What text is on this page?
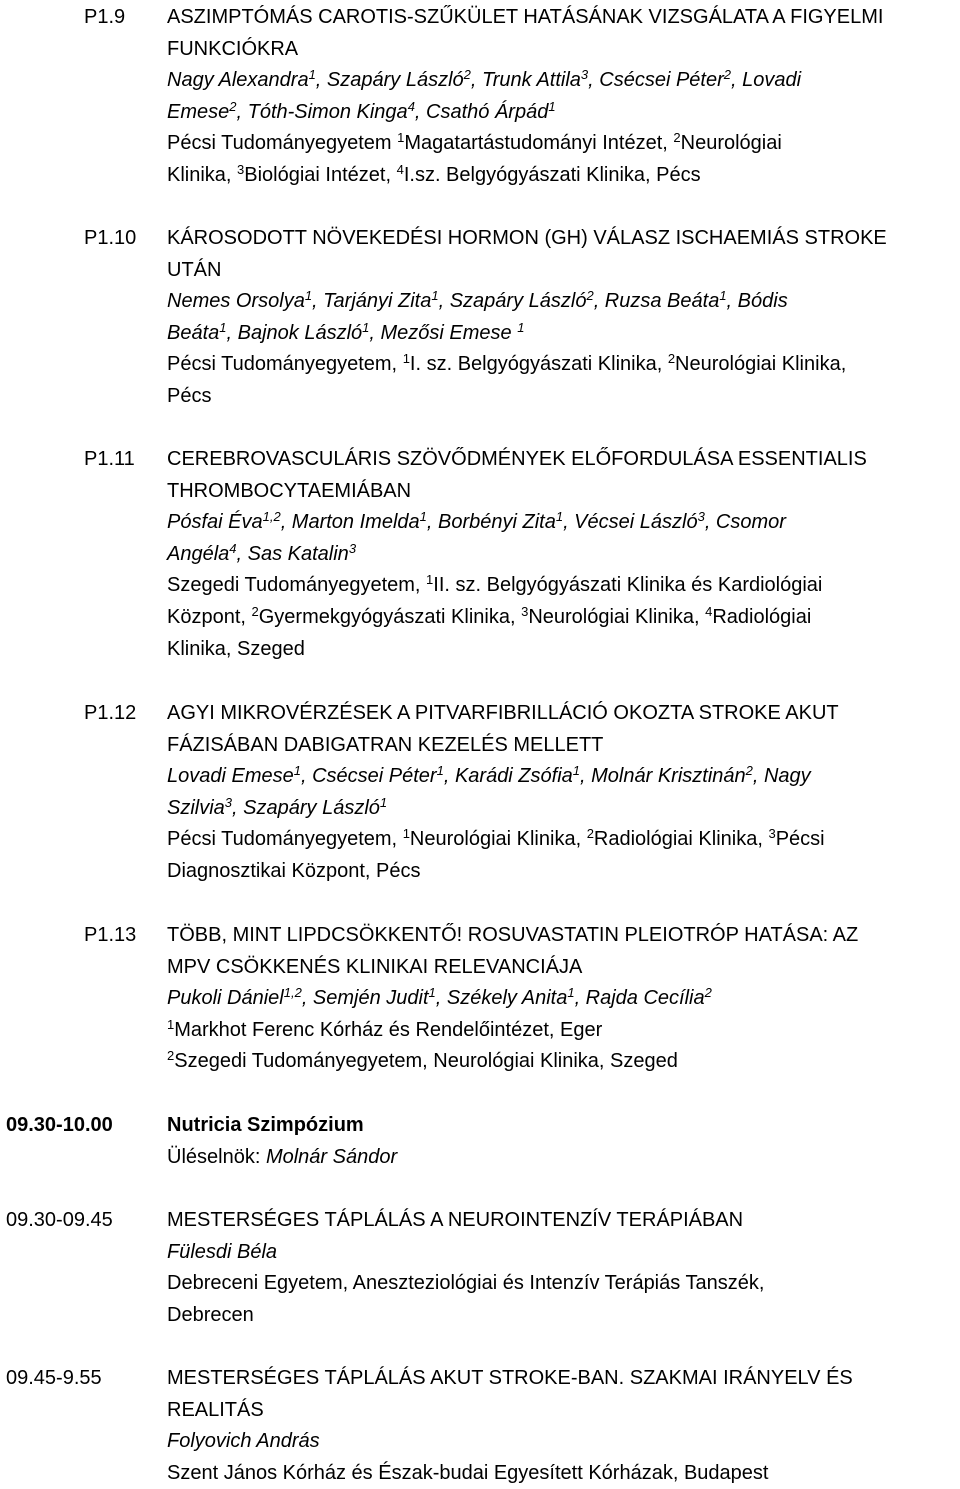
P1.9 ASZIMPTÓMÁS CAROTIS-SZŰKÜLET HATÁSÁNAK VIZSGÁLATA A FIGYELMI
FUNKCIÓKRA
Nagy Alexandra$^1$, Szapáry László$^2$, Trunk Attila$^3$, Csécsei Péter$^2$, Lovadi
Emese$^2$, Tóth-Simon Kinga$^4$, Csathó Árpád$^1$
Pécsi Tudományegyetem $^1$Magatartástudományi Intézet, $^2$Neurológiai
Klinika, $^3$Biológiai Intézet, $^4$I.sz. Belgyógyászati Klinika, Pécs
P1.10 KÁROSODOTT NÖVEKEDÉSI HORMON (GH) VÁLASZ ISCHAEMIÁS STROKE
UTÁN
Nemes Orsolya$^1$, Tarjányi Zita$^1$, Szapáry László$^2$, Ruzsa Beáta$^1$, Bódis
Beáta$^1$, Bajnok László$^1$, Mezősi Emese $^1$
Pécsi Tudományegyetem, $^1$I. sz. Belgyógyászati Klinika, $^2$Neurológiai Klinika,
Pécs
P1.11 CEREBROVASCULÁRIS SZÖVŐDMÉNYEK ELŐFORDULÁSA ESSENTIALIS
THROMBOCYTAEMIÁBAN
Pósfai Éva$^{1,2}$, Marton Imelda$^1$, Borbényi Zita$^1$, Vécsei László$^3$, Csomor
Angéla$^4$, Sas Katalin$^3$
Szegedi Tudományegyetem, $^1$II. sz. Belgyógyászati Klinika és Kardiológiai
Központ, $^2$Gyermekgyógyászati Klinika, $^3$Neurológiai Klinika, $^4$Radiológiai
Klinika, Szeged
P1.12 AGYI MIKROVÉRZÉSEK A PITVARFIBRILLÁCIÓ OKOZTA STROKE AKUT
FÁZISÁBAN DABIGATRAN KEZELÉS MELLETT
Lovadi Emese$^1$, Csécsei Péter$^1$, Karádi Zsófia$^1$, Molnár Krisztinán$^2$, Nagy
Szilvia$^3$, Szapáry László$^1$
Pécsi Tudományegyetem, $^1$Neurológiai Klinika, $^2$Radiológiai Klinika, $^3$Pécsi
Diagnosztikai Központ, Pécs
P1.13 TÖBB, MINT LIPDCSÖKKENTŐ! ROSUVASTATIN PLEIOTRÓP HATÁSA: AZ
MPV CSÖKKENÉS KLINIKAI RELEVANCIÁJA
Pukoli Dániel$^{1,2}$, Semjén Judit$^1$, Székely Anita$^1$, Rajda Cecília$^2$
$^1$Markhot Ferenc Kórház és Rendelőintézet, Eger
$^2$Szegedi Tudományegyetem, Neurológiai Klinika, Szeged
09.30-10.00	Nutricia Szimpózium
Üléselnök: Molnár Sándor
09.30-09.45	MESTERSÉGES TÁPLÁLÁS A NEUROINTENZÍV TERÁPIÁBAN
Fülesdi Béla
Debreceni Egyetem, Aneszteziológiai és Intenzív Terápiás Tanszék,
Debrecen
09.45-9.55	MESTERSÉGES TÁPLÁLÁS AKUT STROKE-BAN. SZAKMAI IRÁNYELV ÉS
REALITÁS
Folyovich András
Szent János Kórház és Észak-budai Egyesített Kórházak, Budapest
